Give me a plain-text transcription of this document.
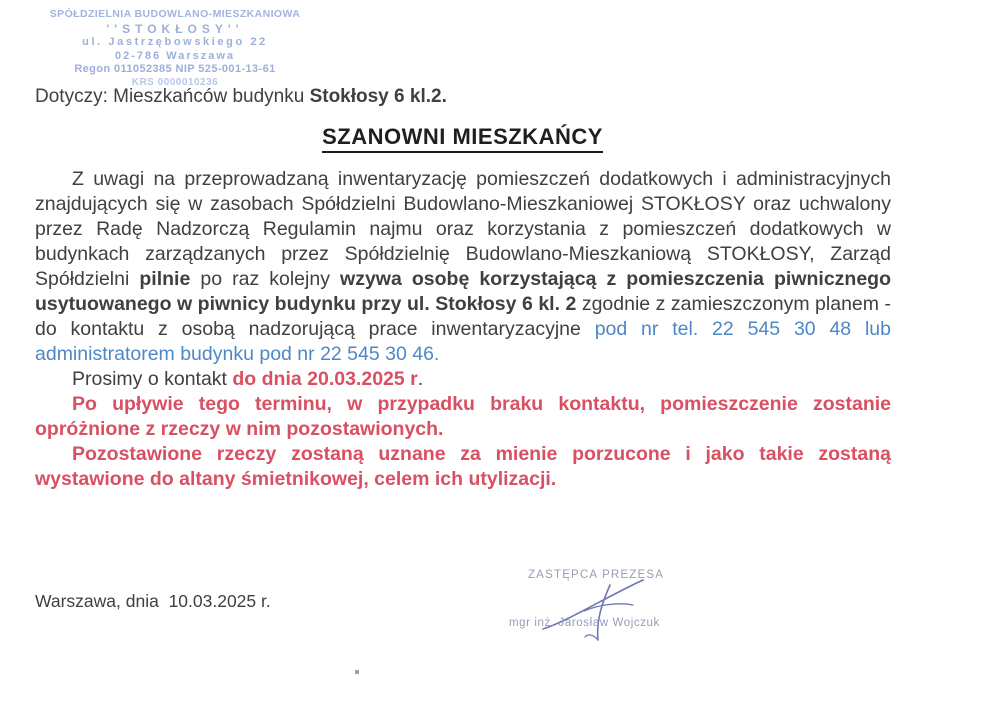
SPÓŁDZIELNIA BUDOWLANO-MIESZKANIOWA
''STOKŁOSY''
ul. Jastrzębowskiego 22
02-786 Warszawa
Regon 011052385 NIP 525-001-13-61
KRS 0000010236
Dotyczy: Mieszkańców budynku Stokłosy 6 kl.2.
SZANOWNI MIESZKAŃCY

Z uwagi na przeprowadzaną inwentaryzację pomieszczeń dodatkowych i administracyjnych znajdujących się w zasobach Spółdzielni Budowlano-Mieszkaniowej STOKŁOSY oraz uchwalony przez Radę Nadzorczą Regulamin najmu oraz korzystania z pomieszczeń dodatkowych w budynkach zarządzanych przez Spółdzielnię Budowlano-Mieszkaniową STOKŁOSY, Zarząd Spółdzielni pilnie po raz kolejny wzywa osobę korzystającą z pomieszczenia piwnicznego usytuowanego w piwnicy budynku przy ul. Stokłosy 6 kl. 2 zgodnie z zamieszczonym planem - do kontaktu z osobą nadzorującą prace inwentaryzacyjne pod nr tel. 22 545 30 48 lub administratorem budynku pod nr 22 545 30 46.

Prosimy o kontakt do dnia 20.03.2025 r.

Po upływie tego terminu, w przypadku braku kontaktu, pomieszczenie zostanie opróżnione z rzeczy w nim pozostawionych.

Pozostawione rzeczy zostaną uznane za mienie porzucone i jako takie zostaną wystawione do altany śmietnikowej, celem ich utylizacji.

Warszawa, dnia  10.03.2025 r.
ZASTĘPCA PREZESA
mgr inż. Jarosław Wojczuk
